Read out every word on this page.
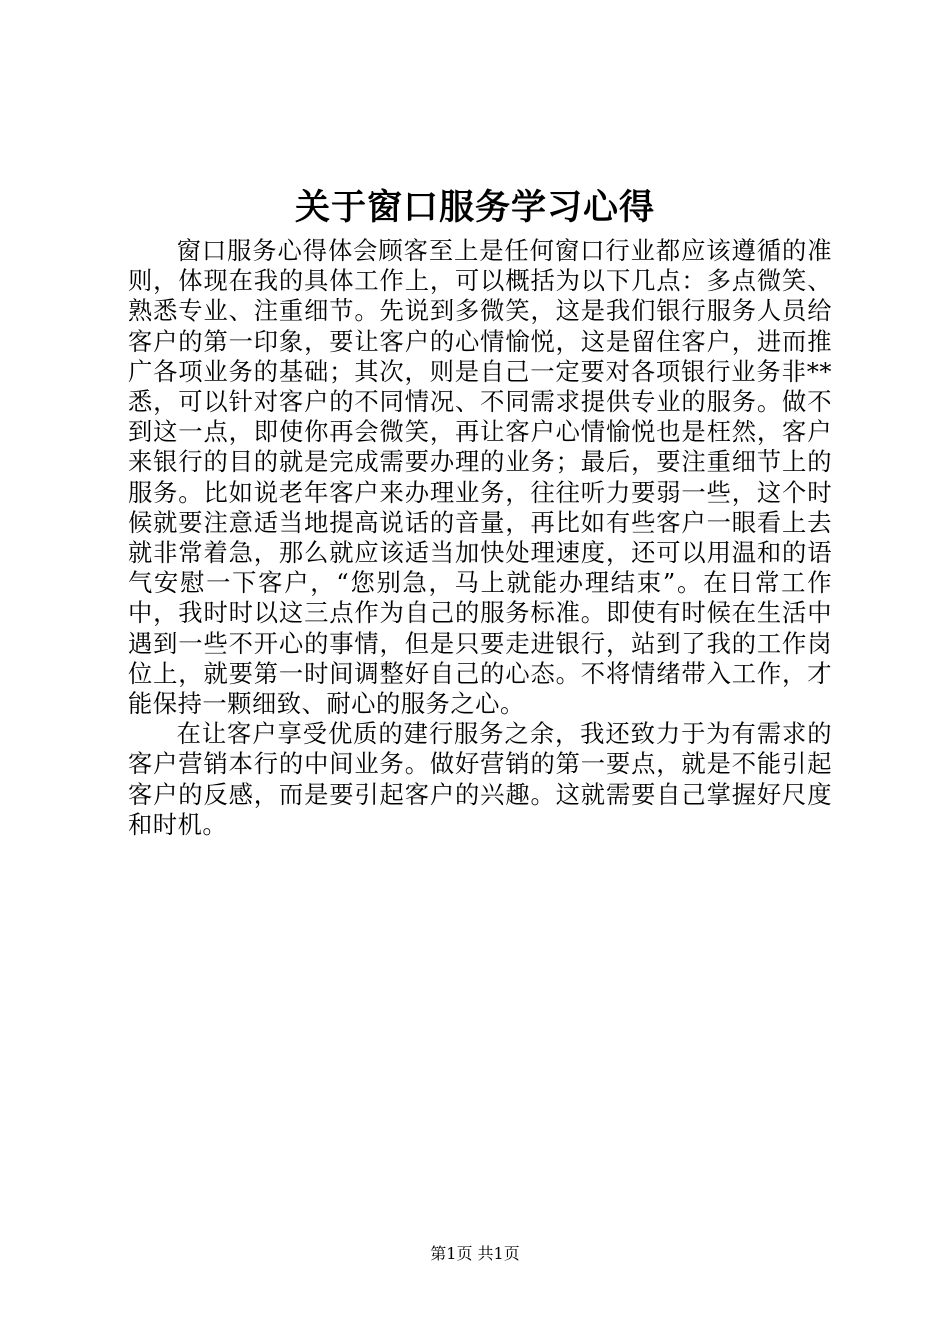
关于窗口服务学习心得

窗口服务心得体会顾客至上是任何窗口行业都应该遵循的准则，体现在我的具体工作上，可以概括为以下几点：多点微笑、熟悉专业、注重细节。先说到多微笑，这是我们银行服务人员给客户的第一印象，要让客户的心情愉悦，这是留住客户，进而推广各项业务的基础；其次，则是自己一定要对各项银行业务非**悉，可以针对客户的不同情况、不同需求提供专业的服务。做不到这一点，即使你再会微笑，再让客户心情愉悦也是枉然，客户来银行的目的就是完成需要办理的业务；最后，要注重细节上的服务。比如说老年客户来办理业务，往往听力要弱一些，这个时候就要注意适当地提高说话的音量，再比如有些客户一眼看上去就非常着急，那么就应该适当加快处理速度，还可以用温和的语气安慰一下客户，“您别急，马上就能办理结束”。在日常工作中，我时时以这三点作为自己的服务标准。即使有时候在生活中遇到一些不开心的事情，但是只要走进银行，站到了我的工作岗位上，就要第一时间调整好自己的心态。不将情绪带入工作，才能保持一颗细致、耐心的服务之心。

在让客户享受优质的建行服务之余，我还致力于为有需求的客户营销本行的中间业务。做好营销的第一要点，就是不能引起客户的反感，而是要引起客户的兴趣。这就需要自己掌握好尺度和时机。

第1页 共1页
